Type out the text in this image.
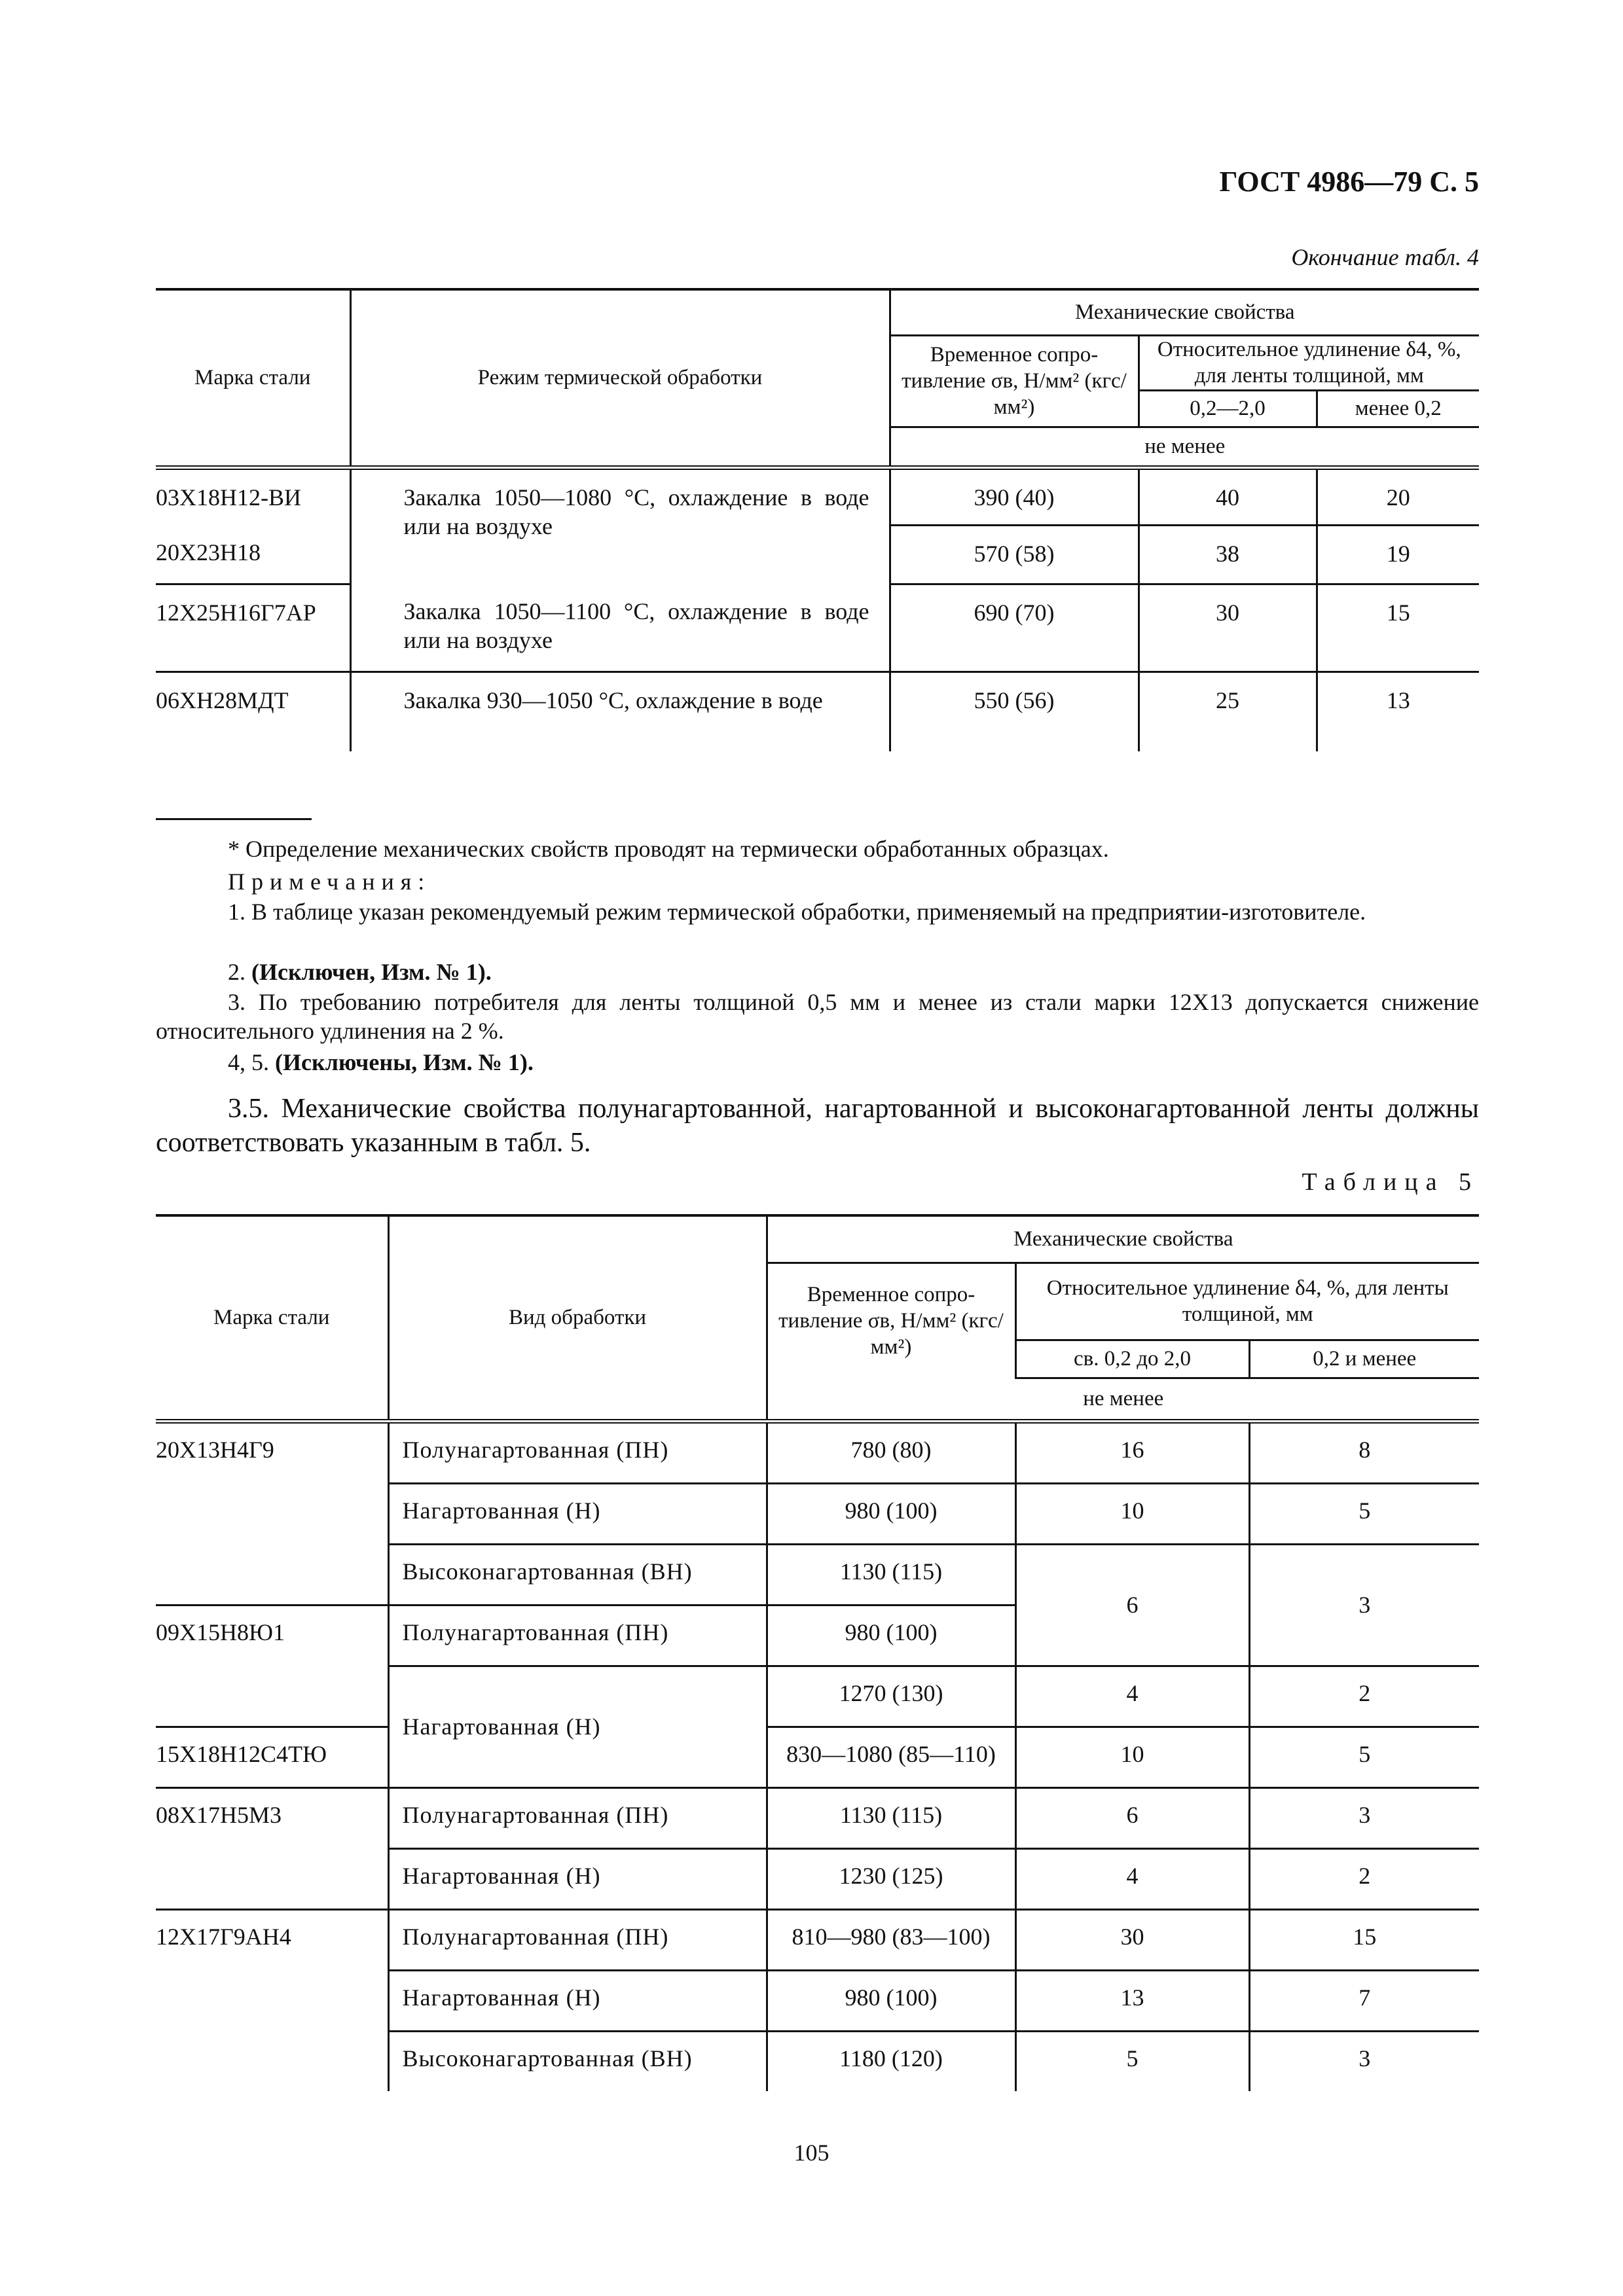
ГОСТ 4986—79 С. 5
Окончание табл. 4
Марка стали	Режим термической обработки	Механические свойства		
		Временное сопро-тивление σв, Н/мм² (кгс/мм²)	Относительное удлинение δ4, %, для ленты толщиной, мм	
			0,2—2,0	менее 0,2
		не менее		
03Х18Н12-ВИ	Закалка 1050—1080 °С, охлаждение в воде или на воздухе	390 (40)	40	20
20Х23Н18		570 (58)	38	19
12Х25Н16Г7АР	Закалка 1050—1100 °С, охлаждение в воде или на воздухе	690 (70)	30	15
06ХН28МДТ	Закалка 930—1050 °С, охлаждение в воде	550 (56)	25	13
* Определение механических свойств проводят на термически обработанных образцах.
Примечания:
1. В таблице указан рекомендуемый режим термической обработки, применяемый на предприятии-изготовителе.
2. (Исключен, Изм. № 1).
3. По требованию потребителя для ленты толщиной 0,5 мм и менее из стали марки 12Х13 допускается снижение относительного удлинения на 2 %.
4, 5. (Исключены, Изм. № 1).
3.5. Механические свойства полунагартованной, нагартованной и высоконагартованной ленты должны соответствовать указанным в табл. 5.
Таблица 5
Марка стали	Вид обработки	Механические свойства		
		Временное сопро-тивление σв, Н/мм² (кгс/мм²)	Относительное удлинение δ4, %, для ленты толщиной, мм	
			св. 0,2 до 2,0	0,2 и менее
		не менее		
20Х13Н4Г9	Полунагартованная (ПН)	780 (80)	16	8
	Нагартованная (Н)	980 (100)	10	5
	Высоконагартованная (ВН)	1130 (115)	6	3
09Х15Н8Ю1	Полунагартованная (ПН)	980 (100)		
	Нагартованная (Н)	1270 (130)	4	2
15Х18Н12С4ТЮ		830—1080 (85—110)	10	5
08Х17Н5М3	Полунагартованная (ПН)	1130 (115)	6	3
	Нагартованная (Н)	1230 (125)	4	2
12Х17Г9АН4	Полунагартованная (ПН)	810—980 (83—100)	30	15
	Нагартованная (Н)	980 (100)	13	7
	Высоконагартованная (ВН)	1180 (120)	5	3
105
